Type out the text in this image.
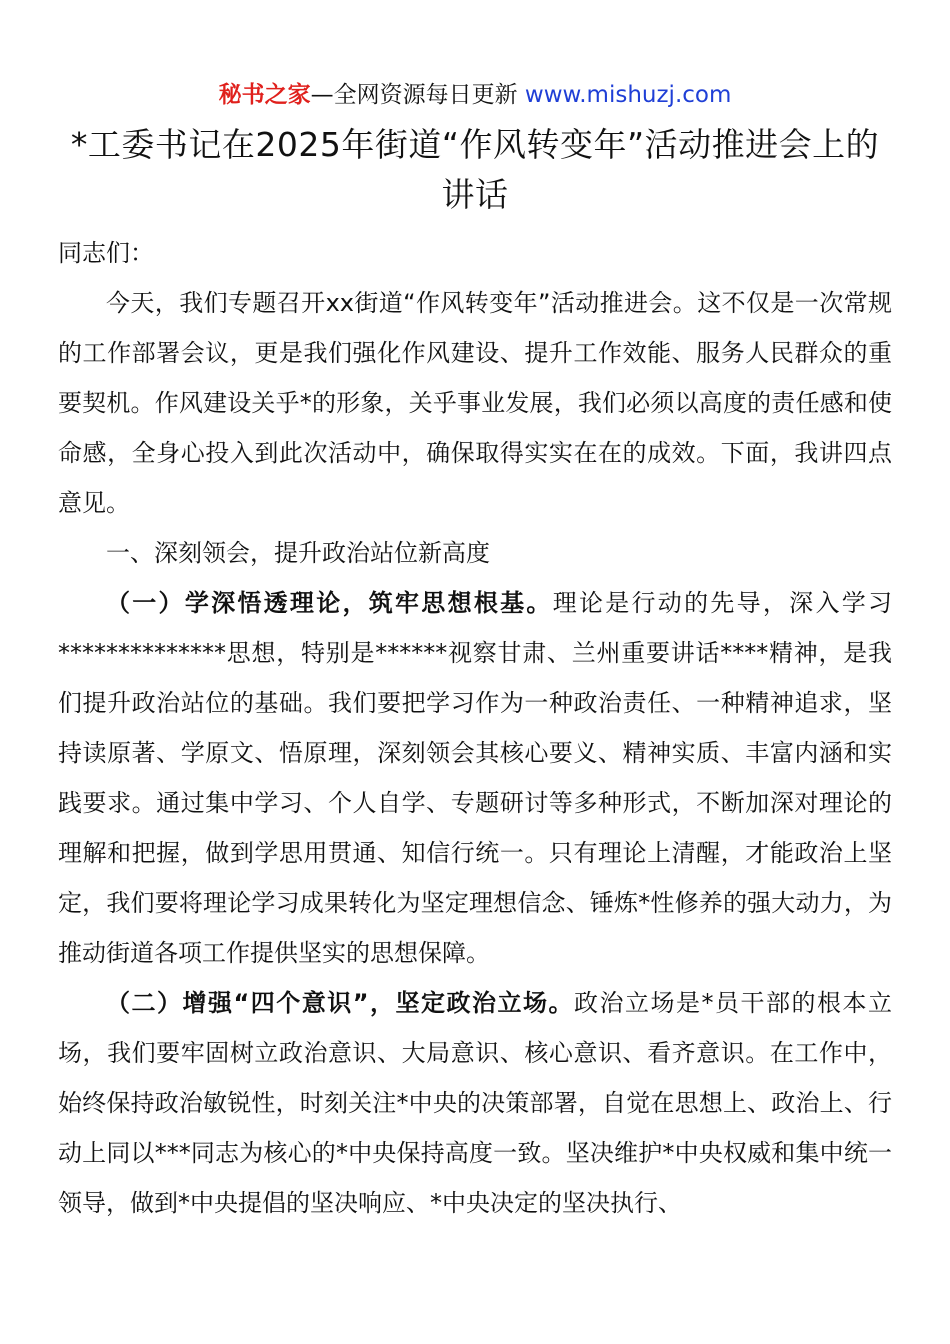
秘书之家—全网资源每日更新 www.mishuzj.com
*工委书记在2025年街道“作风转变年”活动推进会上的讲话

同志们：

今天，我们专题召开xx街道“作风转变年”活动推进会。这不仅是一次常规的工作部署会议，更是我们强化作风建设、提升工作效能、服务人民群众的重要契机。作风建设关乎*的形象，关乎事业发展，我们必须以高度的责任感和使命感，全身心投入到此次活动中，确保取得实实在在的成效。下面，我讲四点意见。

一、深刻领会，提升政治站位新高度

（一）学深悟透理论，筑牢思想根基。理论是行动的先导，深入学习**************思想，特别是******视察甘肃、兰州重要讲话****精神，是我们提升政治站位的基础。我们要把学习作为一种政治责任、一种精神追求，坚持读原著、学原文、悟原理，深刻领会其核心要义、精神实质、丰富内涵和实践要求。通过集中学习、个人自学、专题研讨等多种形式，不断加深对理论的理解和把握，做到学思用贯通、知信行统一。只有理论上清醒，才能政治上坚定，我们要将理论学习成果转化为坚定理想信念、锤炼*性修养的强大动力，为推动街道各项工作提供坚实的思想保障。

（二）增强“四个意识”，坚定政治立场。政治立场是*员干部的根本立场，我们要牢固树立政治意识、大局意识、核心意识、看齐意识。在工作中，始终保持政治敏锐性，时刻关注*中央的决策部署，自觉在思想上、政治上、行动上同以***同志为核心的*中央保持高度一致。坚决维护*中央权威和集中统一领导，做到*中央提倡的坚决响应、*中央决定的坚决执行、
